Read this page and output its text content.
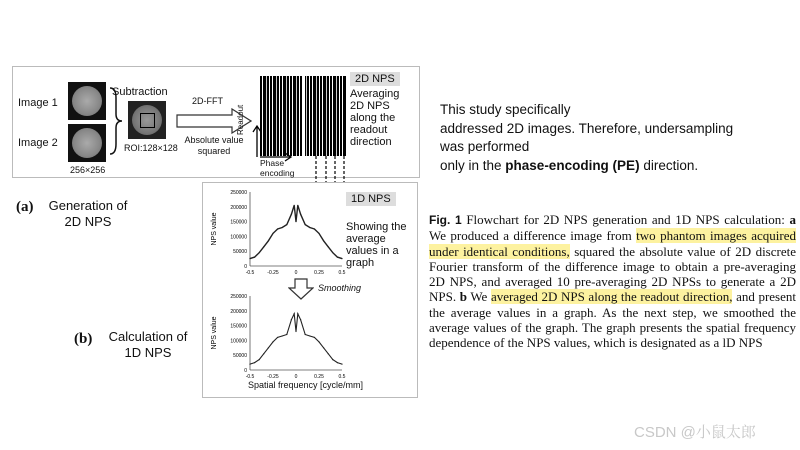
Image 1
Image 2
256×256
Subtraction
ROI:128×128
2D-FFT
Absolute value squared
Readout
Phase encoding
2D NPS
Averaging 2D NPS along the readout direction
(a)	Generation of 2D NPS
(b)	Calculation of 1D NPS
1D NPS
Showing the average values in a graph
Smoothing
0
50000
100000
150000
200000
250000
-0.5	-0.25	0	0.25	0.5
NPS value
0
50000
100000
150000
200000
250000
-0.5	-0.25	0	0.25	0.5
NPS value
Spatial frequency [cycle/mm]
This study specifically
addressed 2D images. Therefore, undersampling
was performed
only in the phase-encoding (PE) direction.
Fig. 1 Flowchart for 2D NPS generation and 1D NPS calculation: a We produced a difference image from two phantom images acquired under identical conditions, squared the absolute value of 2D discrete Fourier transform of the difference image to obtain a pre-averaging 2D NPS, and averaged 10 pre-averaging 2D NPSs to generate a 2D NPS. b We averaged 2D NPS along the readout direction, and present the average values in a graph. As the next step, we smoothed the average values of the graph. The graph presents the spatial frequency dependence of the NPS values, which is designated as a lD NPS
CSDN @小鼠太郎
